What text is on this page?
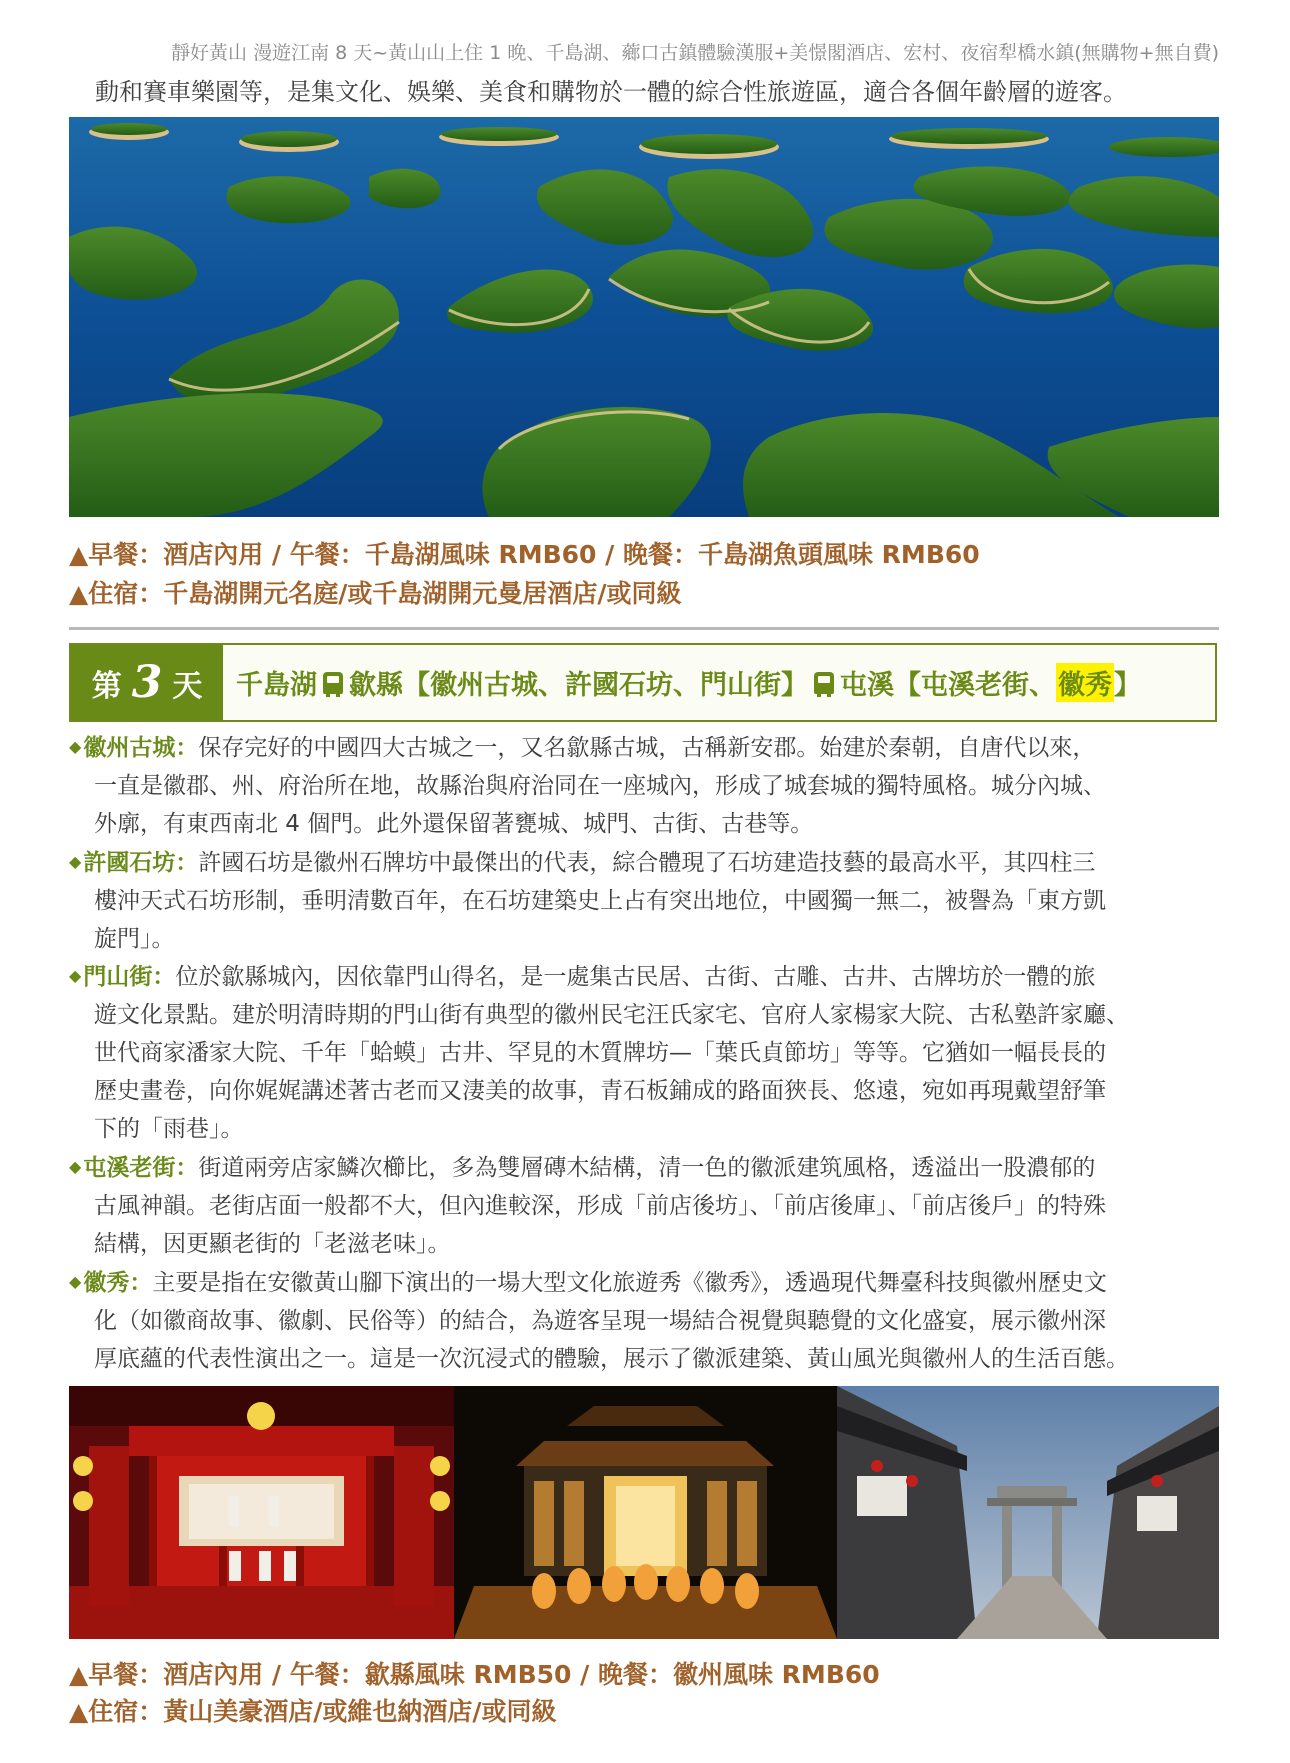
靜好黃山 漫遊江南 8 天~黃山山上住 1 晚、千島湖、薌口古鎮體驗漢服+美憬閣酒店、宏村、夜宿犁橋水鎮(無購物+無自費)
動和賽車樂園等，是集文化、娛樂、美食和購物於一體的綜合性旅遊區，適合各個年齡層的遊客。
▲早餐：酒店內用 / 午餐：千島湖風味 RMB60 / 晚餐：千島湖魚頭風味 RMB60
▲住宿：千島湖開元名庭/或千島湖開元曼居酒店/或同級
第 3 天 千島湖 歙縣【徽州古城、許國石坊、門山街】 屯溪【屯溪老街、 徽秀 】
◆徽州古城：保存完好的中國四大古城之一，又名歙縣古城，古稱新安郡。始建於秦朝，自唐代以來，
一直是徽郡、州、府治所在地，故縣治與府治同在一座城內，形成了城套城的獨特風格。城分內城、
外廓，有東西南北 4 個門。此外還保留著甕城、城門、古街、古巷等。
◆許國石坊：許國石坊是徽州石牌坊中最傑出的代表，綜合體現了石坊建造技藝的最高水平，其四柱三
樓沖天式石坊形制，垂明清數百年，在石坊建築史上占有突出地位，中國獨一無二，被譽為「東方凱
旋門」。
◆門山街：位於歙縣城內，因依靠門山得名，是一處集古民居、古街、古雕、古井、古牌坊於一體的旅
遊文化景點。建於明清時期的門山街有典型的徽州民宅汪氏家宅、官府人家楊家大院、古私塾許家廳、
世代商家潘家大院、千年「蛤蟆」古井、罕見的木質牌坊—「葉氏貞節坊」等等。它猶如一幅長長的
歷史畫卷，向你娓娓講述著古老而又淒美的故事，青石板鋪成的路面狹長、悠遠，宛如再現戴望舒筆
下的「雨巷」。
◆屯溪老街：街道兩旁店家鱗次櫛比，多為雙層磚木結構，清一色的徽派建筑風格，透溢出一股濃郁的
古風神韻。老街店面一般都不大，但內進較深，形成「前店後坊」、「前店後庫」、「前店後戶」的特殊
結構，因更顯老街的「老滋老味」。
◆徽秀：主要是指在安徽黃山腳下演出的一場大型文化旅遊秀《徽秀》，透過現代舞臺科技與徽州歷史文
化（如徽商故事、徽劇、民俗等）的結合，為遊客呈現一場結合視覺與聽覺的文化盛宴，展示徽州深
厚底蘊的代表性演出之一。這是一次沉浸式的體驗，展示了徽派建築、黃山風光與徽州人的生活百態。
▲早餐：酒店內用 / 午餐：歙縣風味 RMB50 / 晚餐：徽州風味 RMB60
▲住宿：黃山美豪酒店/或維也納酒店/或同級
